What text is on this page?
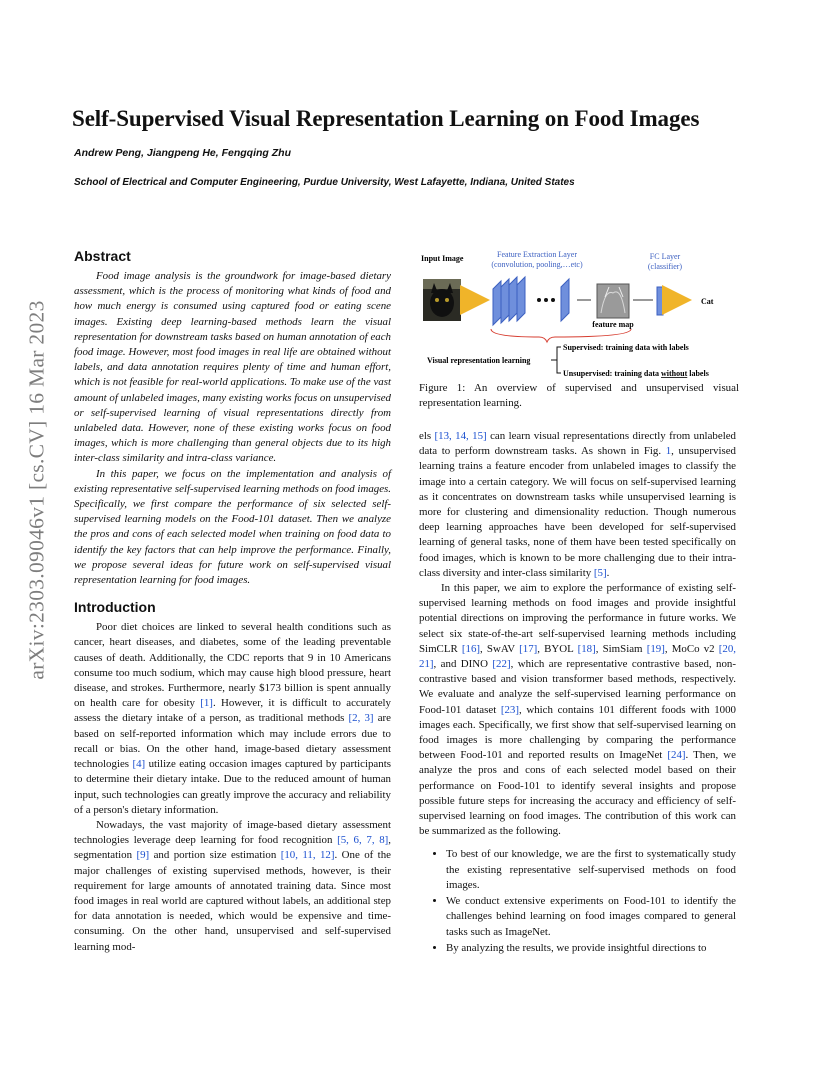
Self-Supervised Visual Representation Learning on Food Images
Andrew Peng, Jiangpeng He, Fengqing Zhu
School of Electrical and Computer Engineering, Purdue University, West Lafayette, Indiana, United States
arXiv:2303.09046v1 [cs.CV] 16 Mar 2023
Abstract

Food image analysis is the groundwork for image-based dietary assessment, which is the process of monitoring what kinds of food and how much energy is consumed using captured food or eating scene images. Existing deep learning-based methods learn the visual representation for downstream tasks based on human annotation of each food image. However, most food images in real life are obtained without labels, and data annotation requires plenty of time and human effort, which is not feasible for real-world applications. To make use of the vast amount of unlabeled images, many existing works focus on unsupervised or self-supervised learning of visual representations directly from unlabeled data. However, none of these existing works focus on food images, which is more challenging than general objects due to its high inter-class similarity and intra-class variance.

In this paper, we focus on the implementation and analysis of existing representative self-supervised learning methods on food images. Specifically, we first compare the performance of six selected self-supervised learning models on the Food-101 dataset. Then we analyze the pros and cons of each selected model when training on food data to identify the key factors that can help improve the performance. Finally, we propose several ideas for future work on self-supervised visual representation learning for food images.

Introduction

Poor diet choices are linked to several health conditions such as cancer, heart diseases, and diabetes, some of the leading preventable causes of death. Additionally, the CDC reports that 9 in 10 Americans consume too much sodium, which may cause high blood pressure, heart disease, and strokes. Furthermore, nearly $173 billion is spent annually on health care for obesity [1]. However, it is difficult to accurately assess the dietary intake of a person, as traditional methods [2, 3] are based on self-reported information which may include errors due to recall or bias. On the other hand, image-based dietary assessment technologies [4] utilize eating occasion images captured by participants to determine their dietary intake. Due to the reduced amount of human input, such technologies can greatly improve the accuracy and reliability of a person's dietary information.

Nowadays, the vast majority of image-based dietary assessment technologies leverage deep learning for food recognition [5, 6, 7, 8], segmentation [9] and portion size estimation [10, 11, 12]. One of the major challenges of existing supervised methods, however, is their requirement for large amounts of annotated training data. Since most food images in real world are captured without labels, an additional step for data annotation is needed, which would be expensive and time-consuming. On the other hand, unsupervised and self-supervised learning mod-

Input Image	Feature Extraction Layer
(convolution, pooling,…etc)
FC Layer
(classifier)
feature map
Cat
Visual representation learning
Supervised: training data with labels
Unsupervised: training data without labels
Figure 1: An overview of supervised and unsupervised visual representation learning.

els [13, 14, 15] can learn visual representations directly from unlabeled data to perform downstream tasks. As shown in Fig. 1, unsupervised learning trains a feature encoder from unlabeled images to classify the image into a certain category. We will focus on self-supervised learning as it concentrates on downstream tasks while unsupervised learning is more for clustering and dimensionality reduction. Though numerous deep learning approaches have been developed for self-supervised learning of general tasks, none of them have been tested specifically on food images, which is known to be more challenging due to their intra-class diversity and inter-class similarity [5].

In this paper, we aim to explore the performance of existing self-supervised learning methods on food images and provide insightful potential directions on improving the performance in future works. We select six state-of-the-art self-supervised learning methods including SimCLR [16], SwAV [17], BYOL [18], SimSiam [19], MoCo v2 [20, 21], and DINO [22], which are representative contrastive based, non-contrastive based and vision transformer based methods, respectively. We evaluate and analyze the self-supervised learning performance on Food-101 dataset [23], which contains 101 different foods with 1000 images each. Specifically, we first show that self-supervised learning on food images is more challenging by comparing the performance between Food-101 and reported results on ImageNet [24]. Then, we analyze the pros and cons of each selected model based on their performance on Food-101 to identify several insights and propose possible future steps for increasing the accuracy and efficiency of self-supervised learning on food images. The contribution of this work can be summarized as the following.

• To best of our knowledge, we are the first to systematically study the existing representative self-supervised methods on food images.
• We conduct extensive experiments on Food-101 to identify the challenges behind learning on food images compared to general tasks such as ImageNet.
• By analyzing the results, we provide insightful directions to
